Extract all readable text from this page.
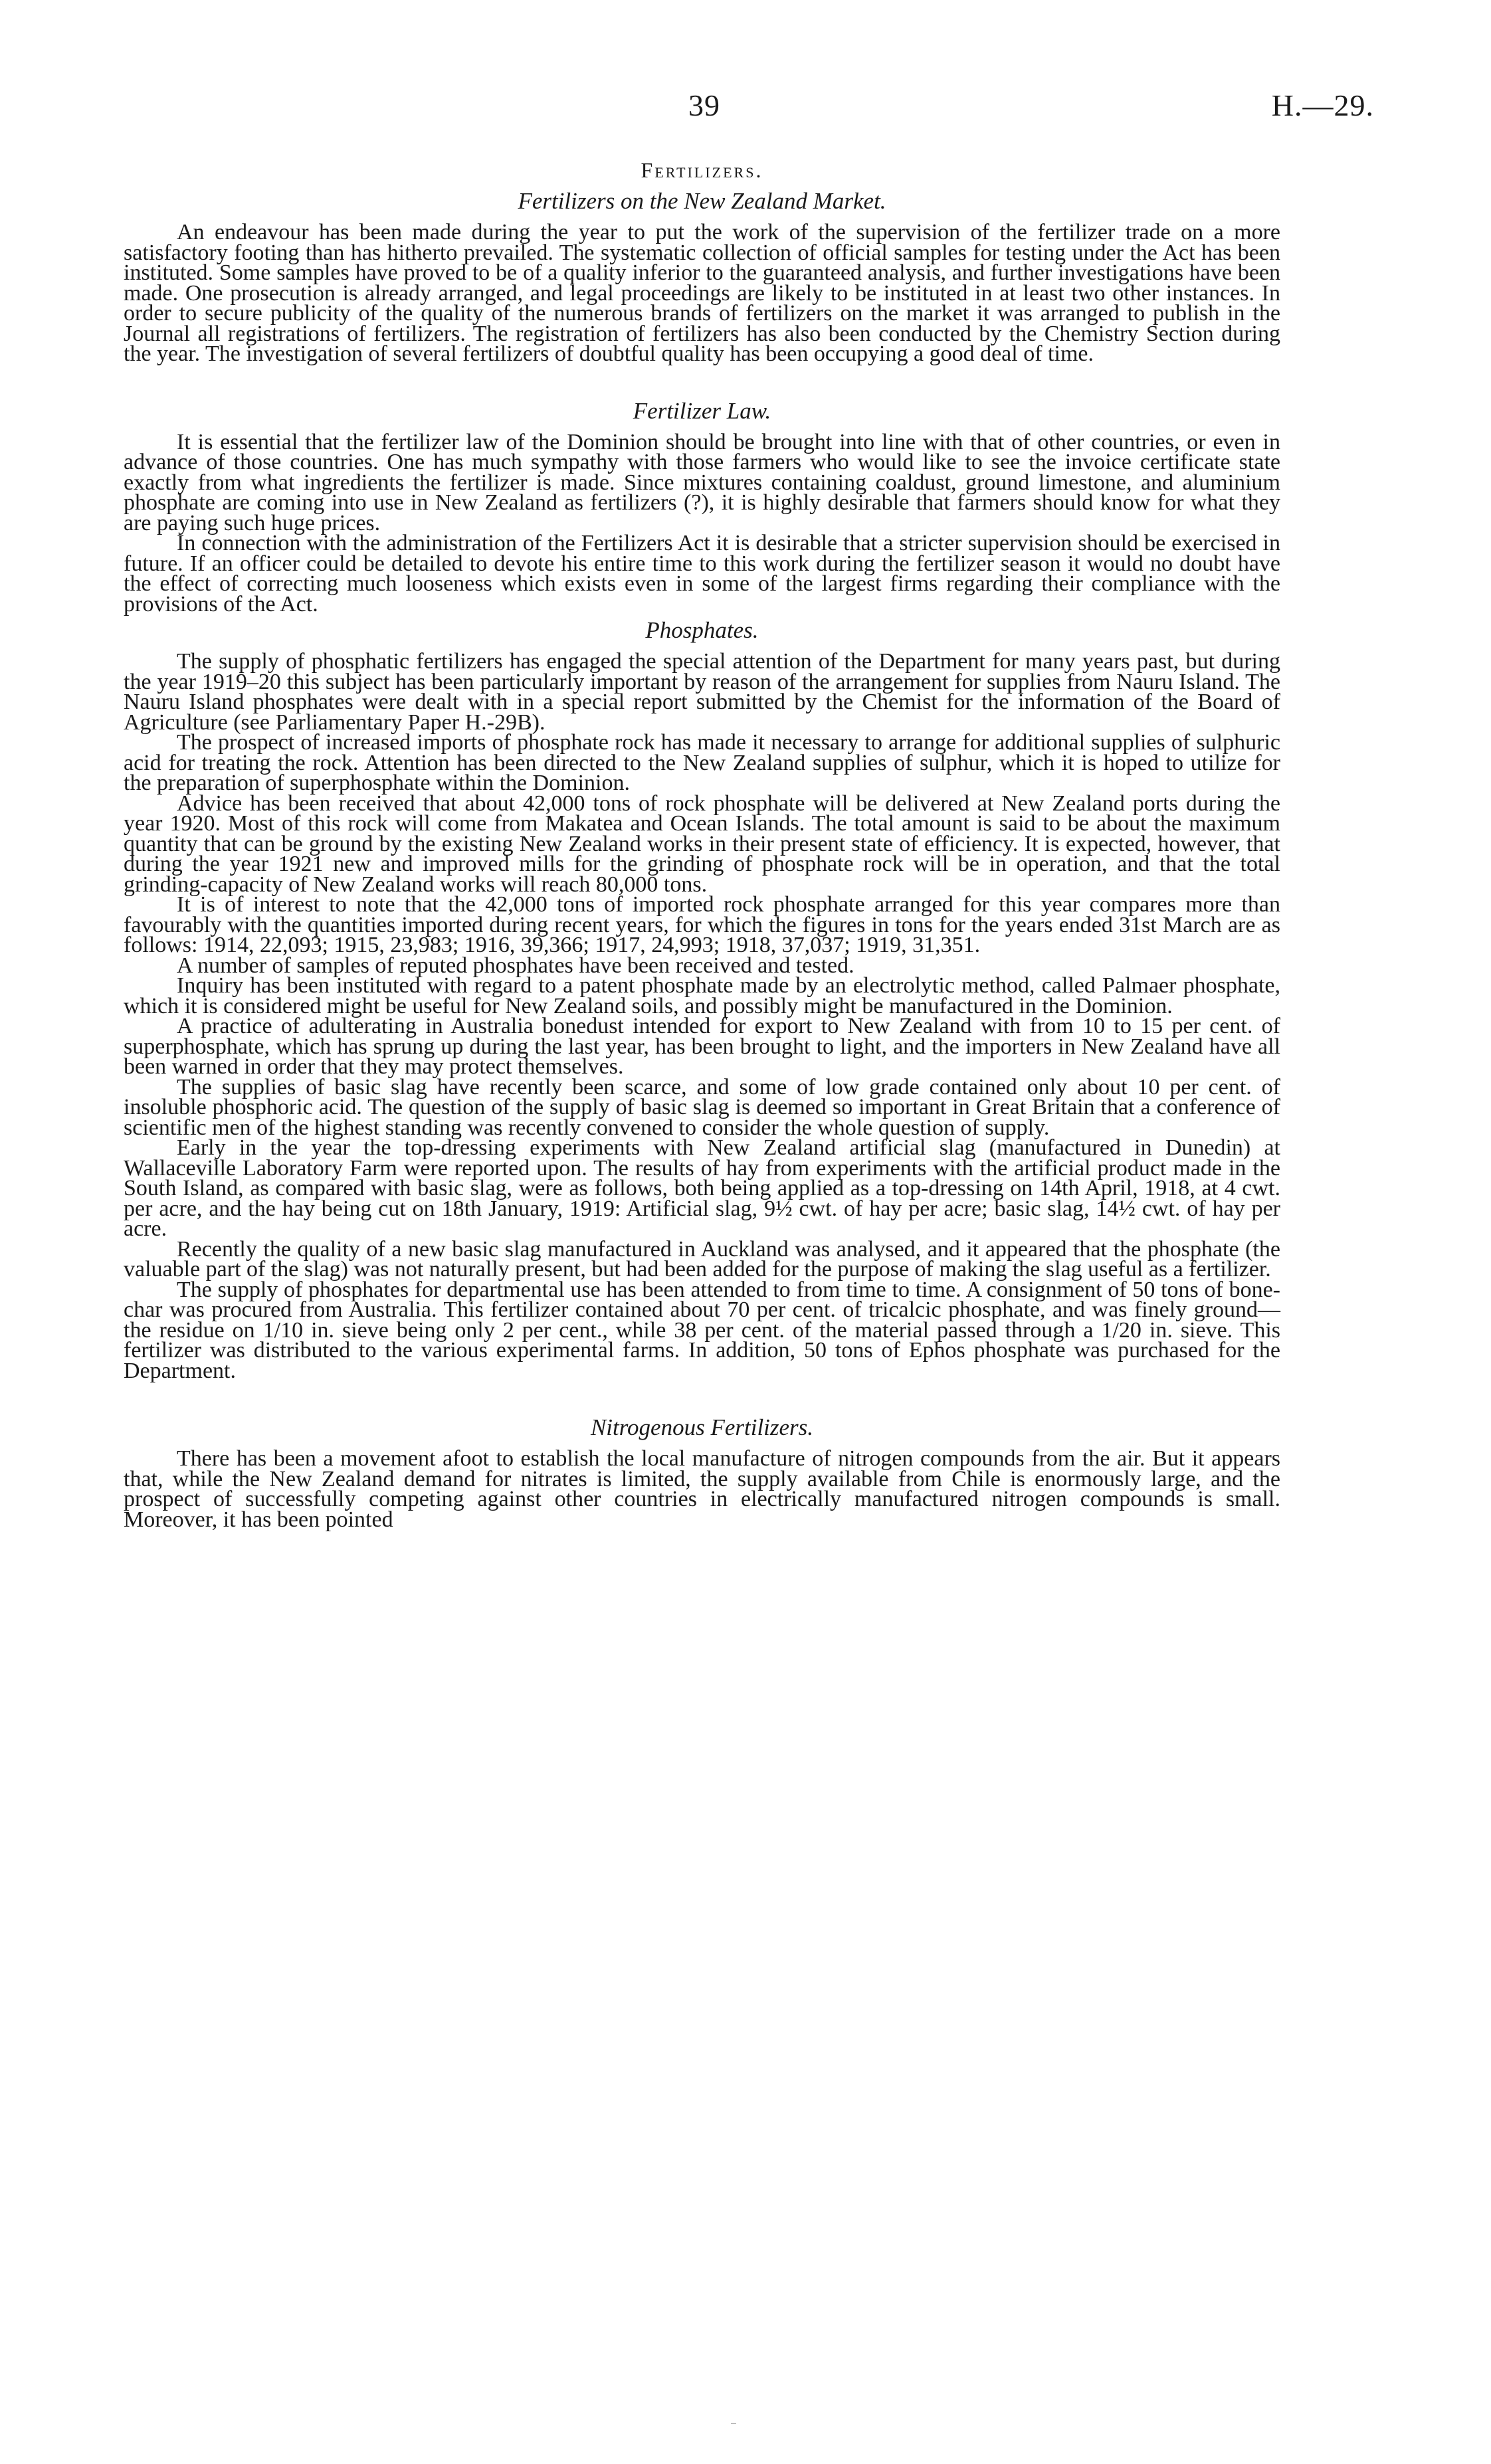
39	H.—29.
Fertilizers.
Fertilizers on the New Zealand Market.

An endeavour has been made during the year to put the work of the supervision of the fertilizer trade on a more satisfactory footing than has hitherto prevailed. The systematic collection of official samples for testing under the Act has been instituted. Some samples have proved to be of a quality inferior to the guaranteed analysis, and further investigations have been made. One prosecution is already arranged, and legal proceedings are likely to be instituted in at least two other instances. In order to secure publicity of the quality of the numerous brands of fertilizers on the market it was arranged to publish in the Journal all registrations of fertilizers. The registration of fertilizers has also been conducted by the Chemistry Section during the year. The investigation of several fertilizers of doubtful quality has been occupying a good deal of time.

Fertilizer Law.

It is essential that the fertilizer law of the Dominion should be brought into line with that of other countries, or even in advance of those countries. One has much sympathy with those farmers who would like to see the invoice certificate state exactly from what ingredients the fertilizer is made. Since mixtures containing coaldust, ground limestone, and aluminium phosphate are coming into use in New Zealand as fertilizers (?), it is highly desirable that farmers should know for what they are paying such huge prices.

In connection with the administration of the Fertilizers Act it is desirable that a stricter supervision should be exercised in future. If an officer could be detailed to devote his entire time to this work during the fertilizer season it would no doubt have the effect of correcting much looseness which exists even in some of the largest firms regarding their compliance with the provisions of the Act.

Phosphates.

The supply of phosphatic fertilizers has engaged the special attention of the Department for many years past, but during the year 1919–20 this subject has been particularly important by reason of the arrangement for supplies from Nauru Island. The Nauru Island phosphates were dealt with in a special report submitted by the Chemist for the information of the Board of Agriculture (see Parliamentary Paper H.-29B).

The prospect of increased imports of phosphate rock has made it necessary to arrange for additional supplies of sulphuric acid for treating the rock. Attention has been directed to the New Zealand supplies of sulphur, which it is hoped to utilize for the preparation of superphosphate within the Dominion.

Advice has been received that about 42,000 tons of rock phosphate will be delivered at New Zealand ports during the year 1920. Most of this rock will come from Makatea and Ocean Islands. The total amount is said to be about the maximum quantity that can be ground by the existing New Zealand works in their present state of efficiency. It is expected, however, that during the year 1921 new and improved mills for the grinding of phosphate rock will be in operation, and that the total grinding-capacity of New Zealand works will reach 80,000 tons.

It is of interest to note that the 42,000 tons of imported rock phosphate arranged for this year compares more than favourably with the quantities imported during recent years, for which the figures in tons for the years ended 31st March are as follows: 1914, 22,093; 1915, 23,983; 1916, 39,366; 1917, 24,993; 1918, 37,037; 1919, 31,351.

A number of samples of reputed phosphates have been received and tested.

Inquiry has been instituted with regard to a patent phosphate made by an electrolytic method, called Palmaer phosphate, which it is considered might be useful for New Zealand soils, and possibly might be manufactured in the Dominion.

A practice of adulterating in Australia bonedust intended for export to New Zealand with from 10 to 15 per cent. of superphosphate, which has sprung up during the last year, has been brought to light, and the importers in New Zealand have all been warned in order that they may protect themselves.

The supplies of basic slag have recently been scarce, and some of low grade contained only about 10 per cent. of insoluble phosphoric acid. The question of the supply of basic slag is deemed so important in Great Britain that a conference of scientific men of the highest standing was recently convened to consider the whole question of supply.

Early in the year the top-dressing experiments with New Zealand artificial slag (manufactured in Dunedin) at Wallaceville Laboratory Farm were reported upon. The results of hay from experiments with the artificial product made in the South Island, as compared with basic slag, were as follows, both being applied as a top-dressing on 14th April, 1918, at 4 cwt. per acre, and the hay being cut on 18th January, 1919: Artificial slag, 9½ cwt. of hay per acre; basic slag, 14½ cwt. of hay per acre.

Recently the quality of a new basic slag manufactured in Auckland was analysed, and it appeared that the phosphate (the valuable part of the slag) was not naturally present, but had been added for the purpose of making the slag useful as a fertilizer.

The supply of phosphates for departmental use has been attended to from time to time. A consignment of 50 tons of bone-char was procured from Australia. This fertilizer contained about 70 per cent. of tricalcic phosphate, and was finely ground—the residue on 1/10 in. sieve being only 2 per cent., while 38 per cent. of the material passed through a 1/20 in. sieve. This fertilizer was distributed to the various experimental farms. In addition, 50 tons of Ephos phosphate was purchased for the Department.

Nitrogenous Fertilizers.

There has been a movement afoot to establish the local manufacture of nitrogen compounds from the air. But it appears that, while the New Zealand demand for nitrates is limited, the supply available from Chile is enormously large, and the prospect of successfully competing against other countries in electrically manufactured nitrogen compounds is small. Moreover, it has been pointed
